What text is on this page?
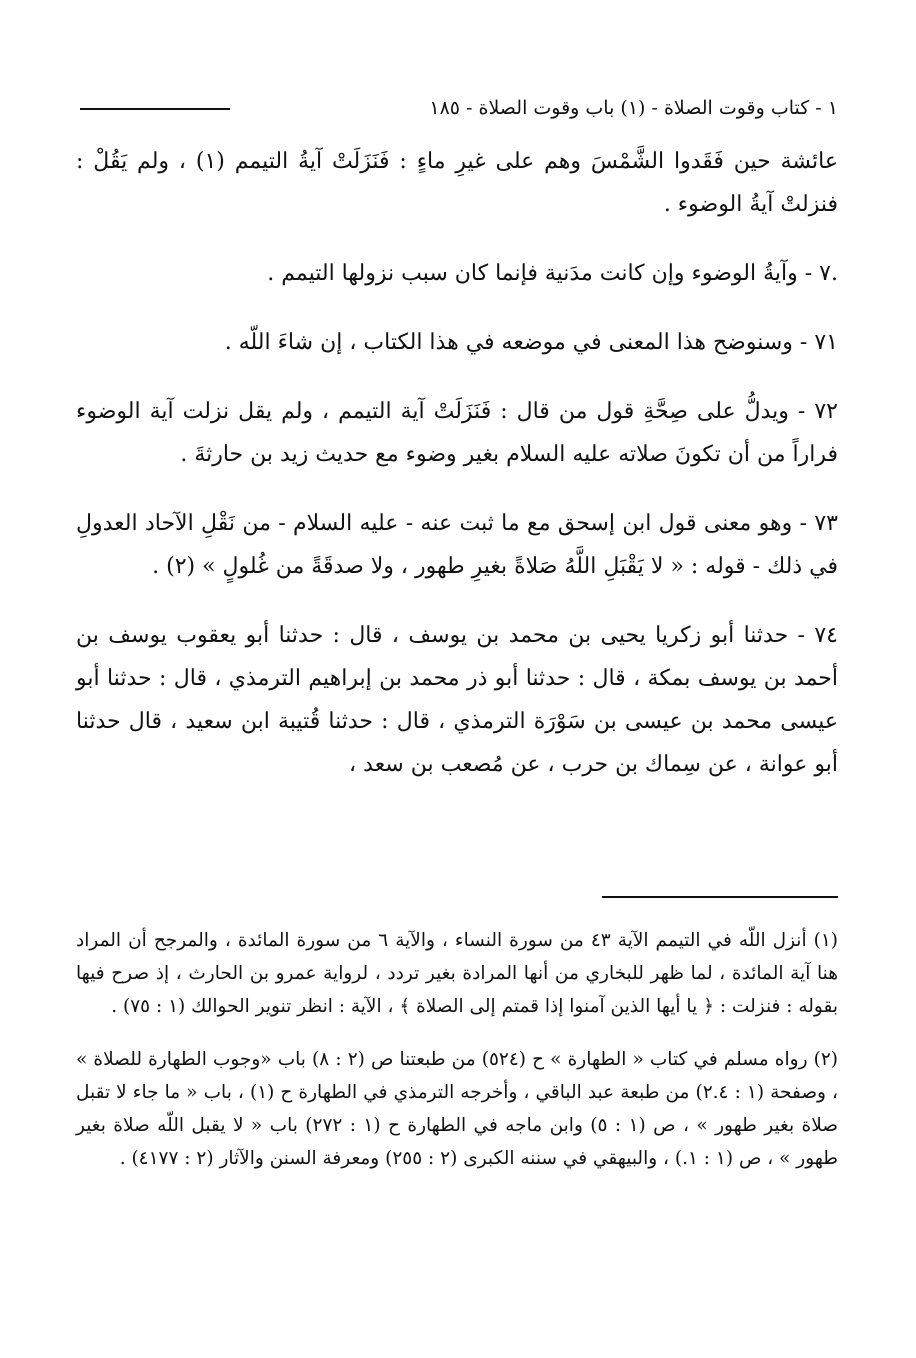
١ - كتاب وقوت الصلاة - (١) باب وقوت الصلاة - ١٨٥

عائشة حين فَقَدوا الشَّمْسَ وهم على غيرِ ماءٍ : فَنَزَلَتْ آيةُ التيمم (١) ، ولم يَقُلْ : فنزلتْ آيةُ الوضوء .

.٧ - وآيةُ الوضوء وإن كانت مدَنية فإنما كان سبب نزولها التيمم .

٧١ - وسنوضح هذا المعنى في موضعه في هذا الكتاب ، إن شاءَ اللّه .

٧٢ - ويدلُّ على صِحَّةِ قول من قال : فَنَزَلَتْ آية التيمم ، ولم يقل نزلت آية الوضوء فراراً من أن تكونَ صلاته عليه السلام بغير وضوء مع حديث زيد بن حارثةَ .

٧٣ - وهو معنى قول ابن إسحق مع ما ثبت عنه - عليه السلام - من نَقْلِ الآحاد العدولِ في ذلك - قوله : « لا يَقْبَلِ اللَّهُ صَلاةً بغيرِ طهور ، ولا صدقَةً من غُلولٍ » (٢) .

٧٤ - حدثنا أبو زكريا يحيى بن محمد بن يوسف ، قال : حدثنا أبو يعقوب يوسف بن أحمد بن يوسف بمكة ، قال : حدثنا أبو ذر محمد بن إبراهيم الترمذي ، قال : حدثنا أبو عيسى محمد بن عيسى بن سَوْرَة الترمذي ، قال : حدثنا قُتيبة ابن سعيد ، قال حدثنا أبو عوانة ، عن سِماك بن حرب ، عن مُصعب بن سعد ،

(١) أنزل اللّه في التيمم الآية ٤٣ من سورة النساء ، والآية ٦ من سورة المائدة ، والمرجح أن المراد هنا آية المائدة ، لما ظهر للبخاري من أنها المرادة بغير تردد ، لرواية عمرو بن الحارث ، إذ صرح فيها بقوله : فنزلت : ﴿ يا أيها الذين آمنوا إذا قمتم إلى الصلاة ﴾ ، الآية : انظر تنوير الحوالك (١ : ٧٥) .

(٢) رواه مسلم في كتاب « الطهارة » ح (٥٢٤) من طبعتنا ص (٢ : ٨) باب «وجوب الطهارة للصلاة » ، وصفحة (١ : ٢.٤) من طبعة عبد الباقي ، وأخرجه الترمذي في الطهارة ح (١) ، باب « ما جاء لا تقبل صلاة بغير طهور » ، ص (١ : ٥) وابن ماجه في الطهارة ح (١ : ٢٧٢) باب « لا يقبل اللّه صلاة بغير طهور » ، ص (١ : ١.) ، والبيهقي في سننه الكبرى (٢ : ٢٥٥) ومعرفة السنن والآثار (٢ : ٤١٧٧) .
